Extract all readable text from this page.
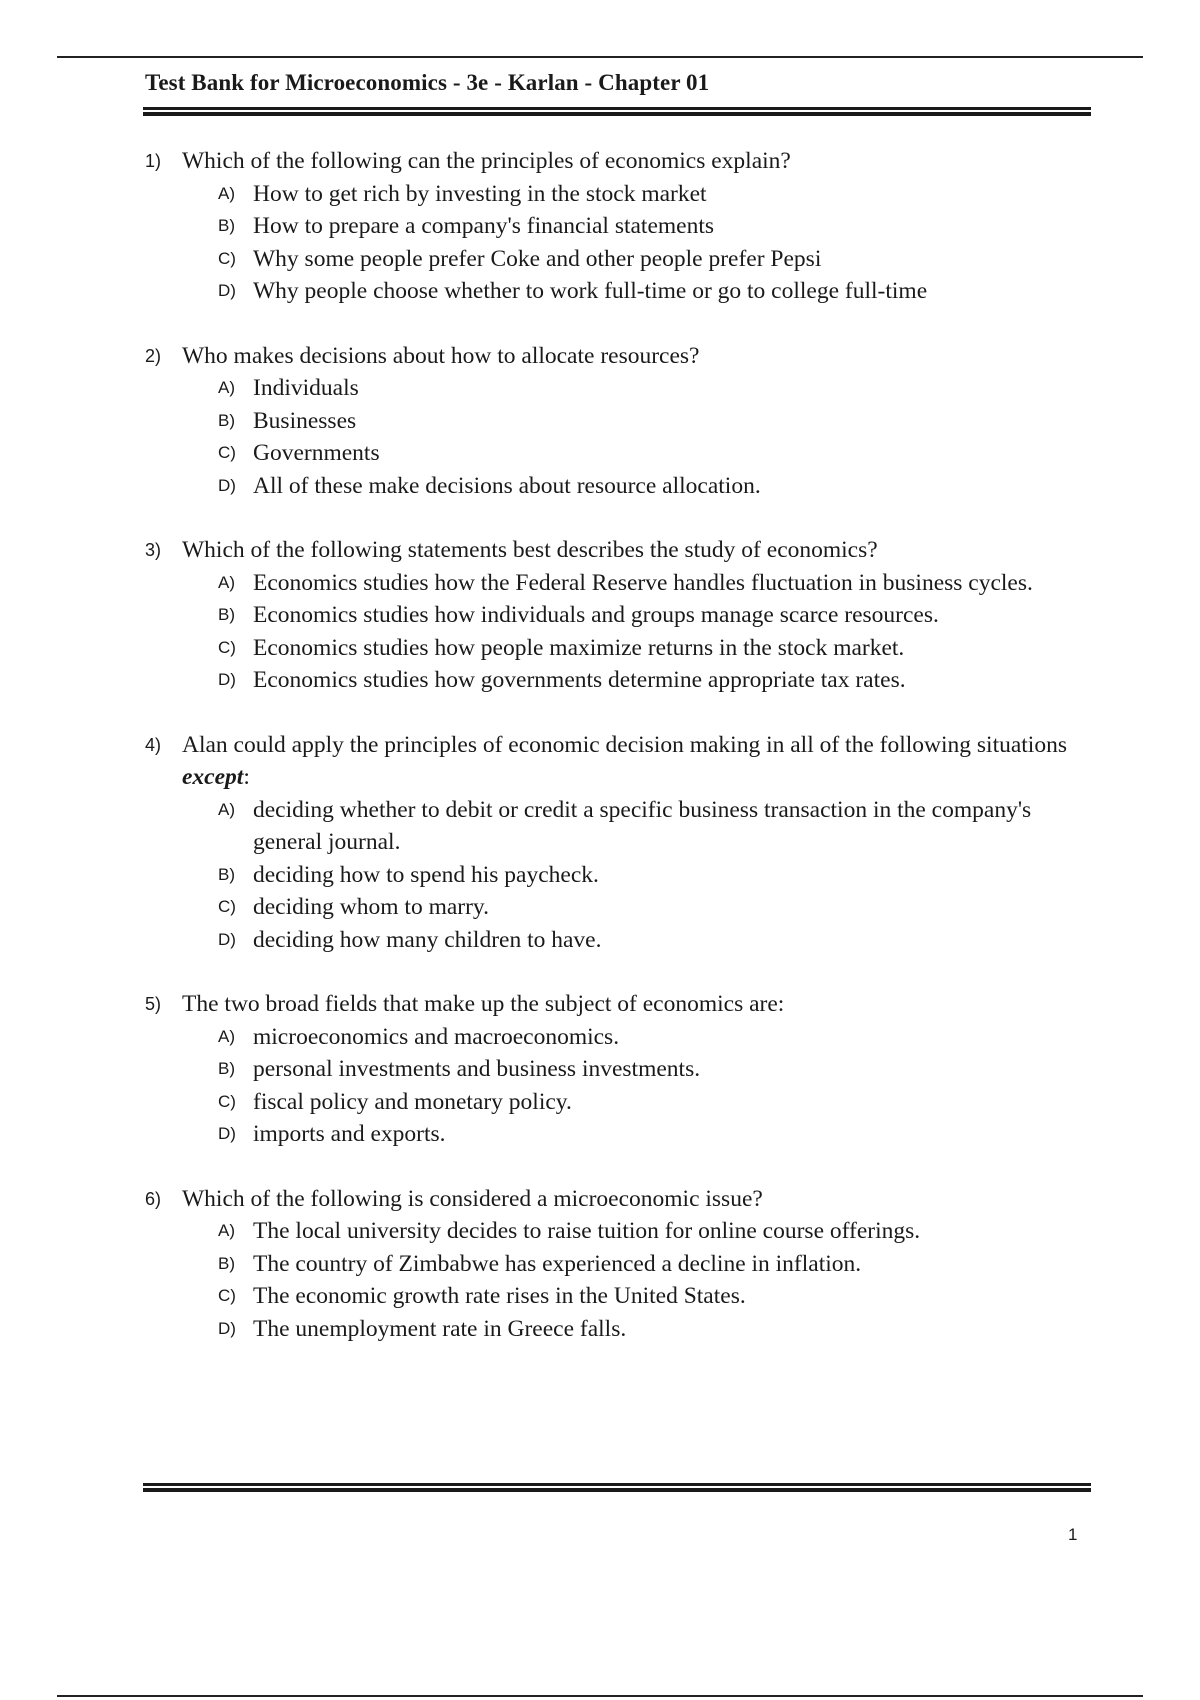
Test Bank for Microeconomics - 3e - Karlan - Chapter 01
1) Which of the following can the principles of economics explain?
A) How to get rich by investing in the stock market
B) How to prepare a company's financial statements
C) Why some people prefer Coke and other people prefer Pepsi
D) Why people choose whether to work full-time or go to college full-time
2) Who makes decisions about how to allocate resources?
A) Individuals
B) Businesses
C) Governments
D) All of these make decisions about resource allocation.
3) Which of the following statements best describes the study of economics?
A) Economics studies how the Federal Reserve handles fluctuation in business cycles.
B) Economics studies how individuals and groups manage scarce resources.
C) Economics studies how people maximize returns in the stock market.
D) Economics studies how governments determine appropriate tax rates.
4) Alan could apply the principles of economic decision making in all of the following situations except:
A) deciding whether to debit or credit a specific business transaction in the company's general journal.
B) deciding how to spend his paycheck.
C) deciding whom to marry.
D) deciding how many children to have.
5) The two broad fields that make up the subject of economics are:
A) microeconomics and macroeconomics.
B) personal investments and business investments.
C) fiscal policy and monetary policy.
D) imports and exports.
6) Which of the following is considered a microeconomic issue?
A) The local university decides to raise tuition for online course offerings.
B) The country of Zimbabwe has experienced a decline in inflation.
C) The economic growth rate rises in the United States.
D) The unemployment rate in Greece falls.
1
